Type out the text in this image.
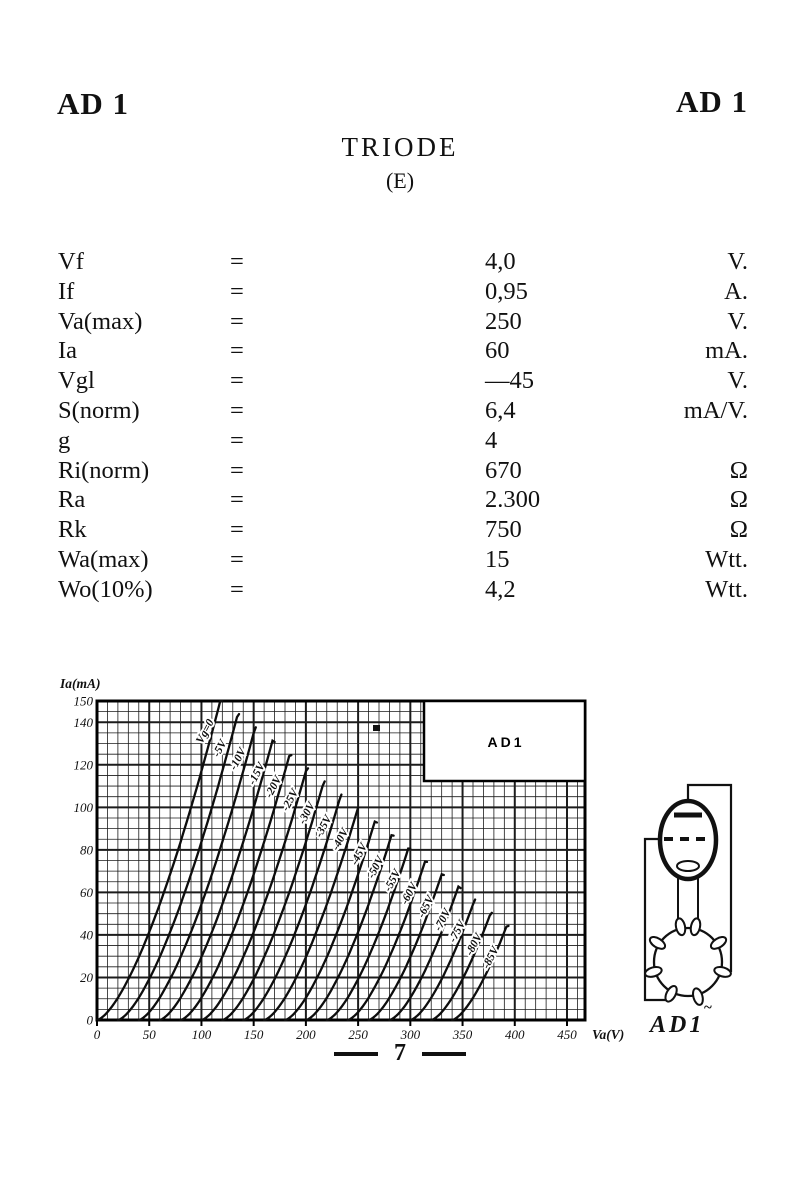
AD 1	AD 1
TRIODE
(E)
Vf	=	4,0	V.
If	=	0,95	A.
Va(max)	=	250	V.
Ia	=	60	mA.
Vgl	=	—45	V.
S(norm)	=	6,4	mA/V.
g	=	4
Ri(norm)	=	670	Ω
Ra	=	2.300	Ω
Rk	=	750	Ω
Wa(max)	=	15	Wtt.
Wo(10%)	=	4,2	Wtt.
Vg=0
-5V
-10V
-15V
-20V
-25V
-30V
-35V
-40V
-45V
-50V
-55V
-60V
-65V
-70V
-75V
-80V
-85V
AD1
0	50	100	150	200	250	300	350	400	450
0
20
40
60
80
100
120
140
150
Va(V)
Ia(mA)
AD1
~
7
